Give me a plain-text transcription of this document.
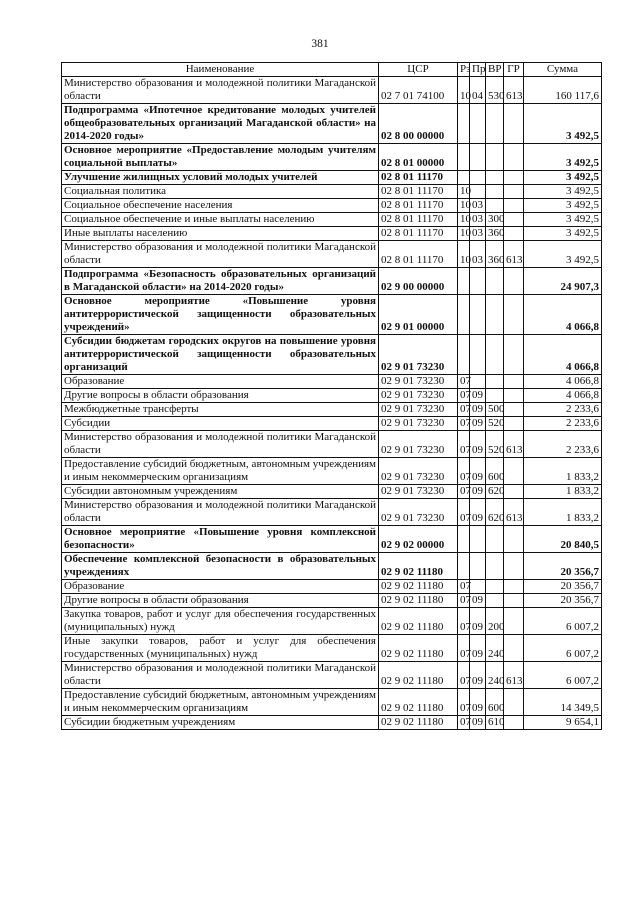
381
Наименование	ЦСР	Рз	Пр	ВР	ГР	Сумма
Министерство образования и молодежной политики Магаданской области	02 7 01 74100	10	04	530	613	160 117,6
Подпрограмма «Ипотечное кредитование молодых учителей общеобразовательных организаций Магаданской области» на 2014-2020 годы»	02 8 00 00000					3 492,5
Основное мероприятие «Предоставление молодым учителям социальной выплаты»	02 8 01 00000					3 492,5
Улучшение жилищных условий молодых учителей	02 8 01 11170					3 492,5
Социальная политика	02 8 01 11170	10				3 492,5
Социальное обеспечение населения	02 8 01 11170	10	03			3 492,5
Социальное обеспечение и иные выплаты населению	02 8 01 11170	10	03	300		3 492,5
Иные выплаты населению	02 8 01 11170	10	03	360		3 492,5
Министерство образования и молодежной политики Магаданской области	02 8 01 11170	10	03	360	613	3 492,5
Подпрограмма «Безопасность образовательных организаций в Магаданской области» на 2014-2020 годы»	02 9 00 00000					24 907,3
Основное мероприятие «Повышение уровня антитеррористической защищенности образовательных учреждений»	02 9 01 00000					4 066,8
Субсидии бюджетам городских округов на повышение уровня антитеррористической защищенности образовательных организаций	02 9 01 73230					4 066,8
Образование	02 9 01 73230	07				4 066,8
Другие вопросы в области образования	02 9 01 73230	07	09			4 066,8
Межбюджетные трансферты	02 9 01 73230	07	09	500		2 233,6
Субсидии	02 9 01 73230	07	09	520		2 233,6
Министерство образования и молодежной политики Магаданской области	02 9 01 73230	07	09	520	613	2 233,6
Предоставление субсидий бюджетным, автономным учреждениям и иным некоммерческим организациям	02 9 01 73230	07	09	600		1 833,2
Субсидии автономным учреждениям	02 9 01 73230	07	09	620		1 833,2
Министерство образования и молодежной политики Магаданской области	02 9 01 73230	07	09	620	613	1 833,2
Основное мероприятие «Повышение уровня комплексной безопасности»	02 9 02 00000					20 840,5
Обеспечение комплексной безопасности в образовательных учреждениях	02 9 02 11180					20 356,7
Образование	02 9 02 11180	07				20 356,7
Другие вопросы в области образования	02 9 02 11180	07	09			20 356,7
Закупка товаров, работ и услуг для обеспечения государственных (муниципальных) нужд	02 9 02 11180	07	09	200		6 007,2
Иные закупки товаров, работ и услуг для обеспечения государственных (муниципальных) нужд	02 9 02 11180	07	09	240		6 007,2
Министерство образования и молодежной политики Магаданской области	02 9 02 11180	07	09	240	613	6 007,2
Предоставление субсидий бюджетным, автономным учреждениям и иным некоммерческим организациям	02 9 02 11180	07	09	600		14 349,5
Субсидии бюджетным учреждениям	02 9 02 11180	07	09	610		9 654,1
